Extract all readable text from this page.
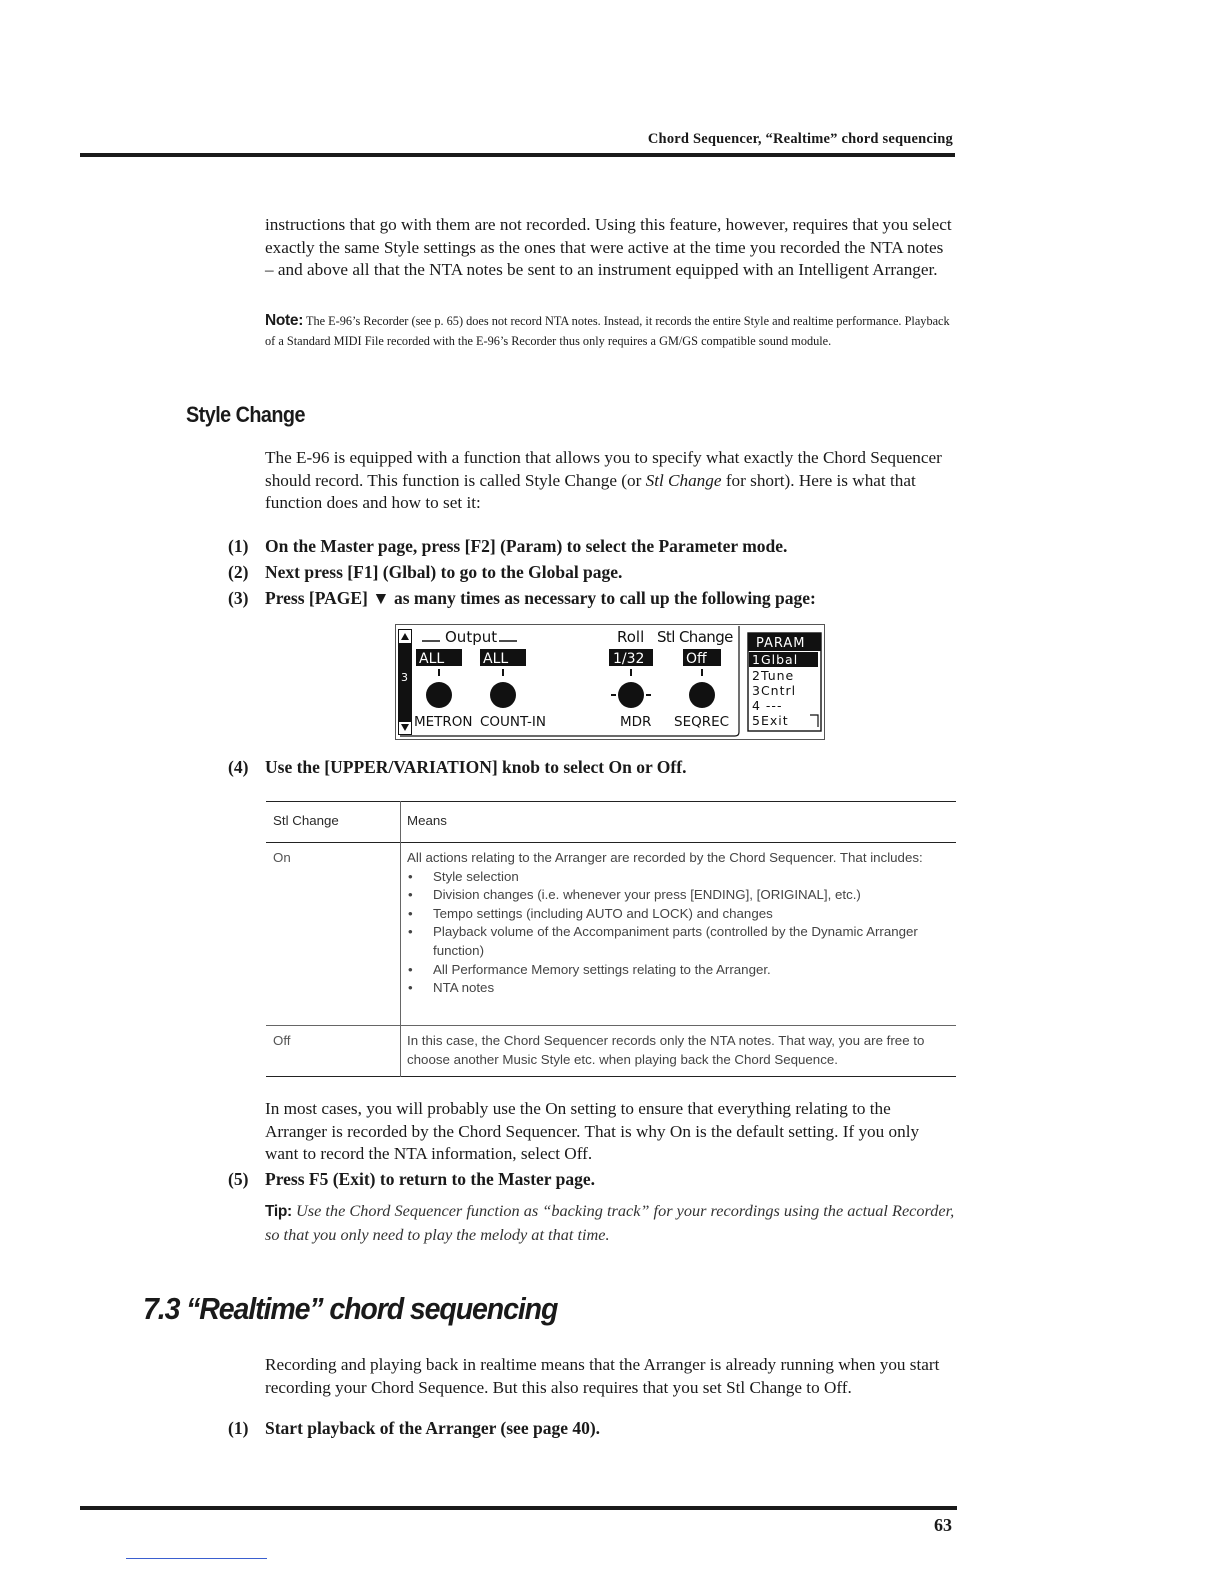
Chord Sequencer, “Realtime” chord sequencing
instructions that go with them are not recorded. Using this feature, however, requires that you select exactly the same Style settings as the ones that were active at the time you recorded the NTA notes – and above all that the NTA notes be sent to an instrument equipped with an Intelligent Arranger.
Note: The E-96’s Recorder (see p. 65) does not record NTA notes. Instead, it records the entire Style and realtime performance. Playback of a Standard MIDI File recorded with the E-96’s Recorder thus only requires a GM/GS compatible sound module.
Style Change
The E-96 is equipped with a function that allows you to specify what exactly the Chord Sequencer should record. This function is called Style Change (or Stl Change for short). Here is what that function does and how to set it:
(1) On the Master page, press [F2] (Param) to select the Parameter mode.
(2) Next press [F1] (Glbal) to go to the Global page.
(3) Press [PAGE] ▼ as many times as necessary to call up the following page:
3
Output	Roll Stl Change
ALL	ALL	1/32	Off
METRON COUNT-IN	MDR SEQREC
PARAM
1Glbal
2Tune
3Cntrl
4 ---
5Exit
(4) Use the [UPPER/VARIATION] knob to select On or Off.
Stl Change	Means
On	All actions relating to the Arranger are recorded by the Chord Sequencer. That includes:
• Style selection
• Division changes (i.e. whenever your press [ENDING], [ORIGINAL], etc.)
• Tempo settings (including AUTO and LOCK) and changes
• Playback volume of the Accompaniment parts (controlled by the Dynamic Arranger function)
• All Performance Memory settings relating to the Arranger.
• NTA notes
Off	In this case, the Chord Sequencer records only the NTA notes. That way, you are free to choose another Music Style etc. when playing back the Chord Sequence.
In most cases, you will probably use the On setting to ensure that everything relating to the Arranger is recorded by the Chord Sequencer. That is why On is the default setting. If you only want to record the NTA information, select Off.
(5) Press F5 (Exit) to return to the Master page.
Tip: Use the Chord Sequencer function as “backing track” for your recordings using the actual Recorder, so that you only need to play the melody at that time.
7.3 “Realtime” chord sequencing
Recording and playing back in realtime means that the Arranger is already running when you start recording your Chord Sequence. But this also requires that you set Stl Change to Off.
(1) Start playback of the Arranger (see page 40).
63
